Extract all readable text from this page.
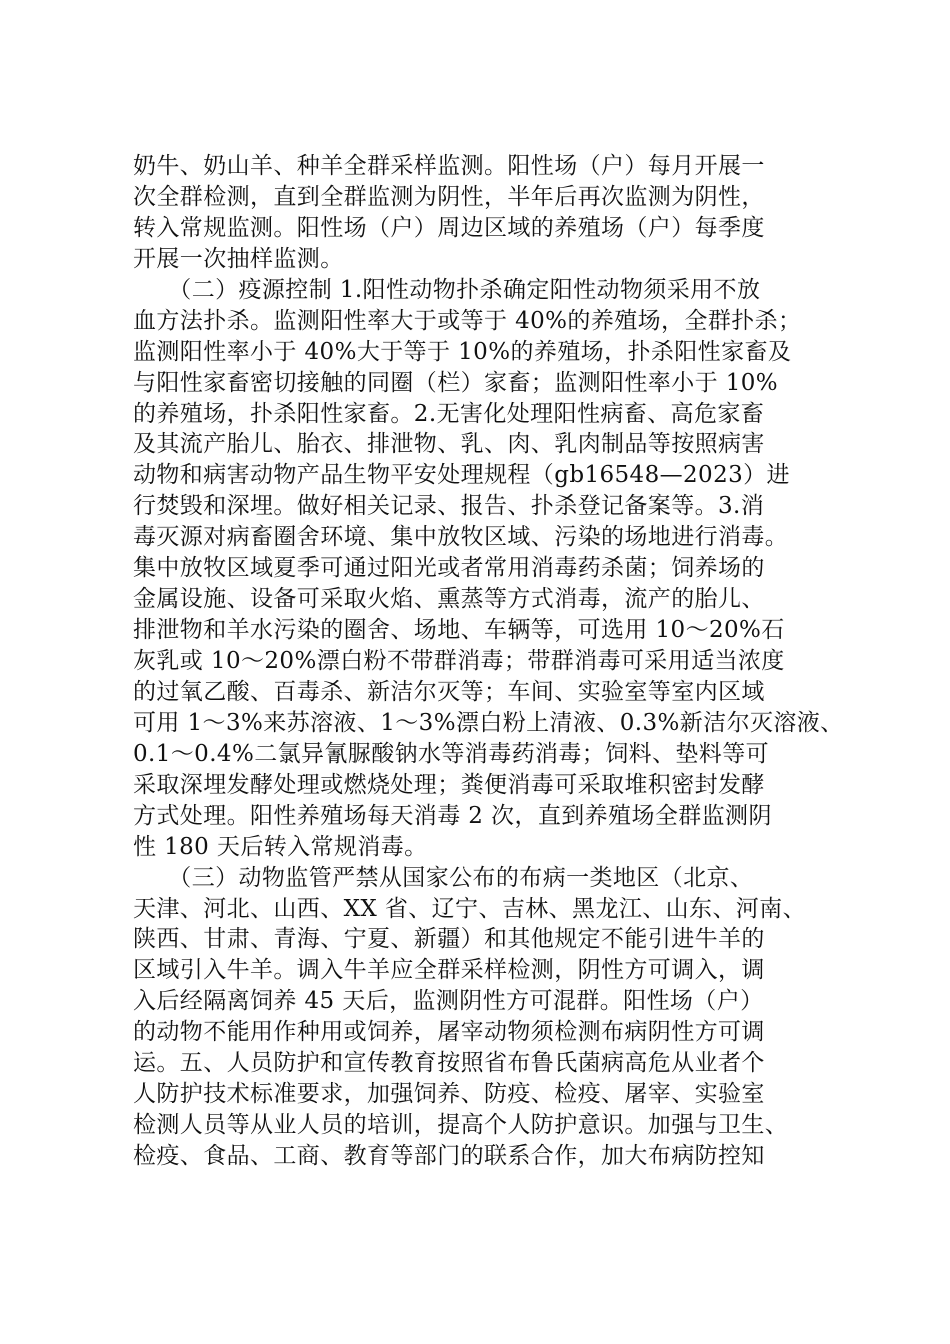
奶牛、奶山羊、种羊全群采样监测。阳性场（户）每月开展一
次全群检测，直到全群监测为阴性，半年后再次监测为阴性，
转入常规监测。阳性场（户）周边区域的养殖场（户）每季度
开展一次抽样监测。
　　（二）疫源控制 1.阳性动物扑杀确定阳性动物须采用不放
血方法扑杀。监测阳性率大于或等于 40%的养殖场，全群扑杀；
监测阳性率小于 40%大于等于 10%的养殖场，扑杀阳性家畜及
与阳性家畜密切接触的同圈（栏）家畜；监测阳性率小于 10%
的养殖场，扑杀阳性家畜。2.无害化处理阳性病畜、高危家畜
及其流产胎儿、胎衣、排泄物、乳、肉、乳肉制品等按照病害
动物和病害动物产品生物平安处理规程（gb16548—2023）进
行焚毁和深埋。做好相关记录、报告、扑杀登记备案等。3.消
毒灭源对病畜圈舍环境、集中放牧区域、污染的场地进行消毒。
集中放牧区域夏季可通过阳光或者常用消毒药杀菌；饲养场的
金属设施、设备可采取火焰、熏蒸等方式消毒，流产的胎儿、
排泄物和羊水污染的圈舍、场地、车辆等，可选用 10～20%石
灰乳或 10～20%漂白粉不带群消毒；带群消毒可采用适当浓度
的过氧乙酸、百毒杀、新洁尔灭等；车间、实验室等室内区域
可用 1～3%来苏溶液、1～3%漂白粉上清液、0.3%新洁尔灭溶液、
0.1～0.4%二氯异氰脲酸钠水等消毒药消毒；饲料、垫料等可
采取深埋发酵处理或燃烧处理；粪便消毒可采取堆积密封发酵
方式处理。阳性养殖场每天消毒 2 次，直到养殖场全群监测阴
性 180 天后转入常规消毒。
　　（三）动物监管严禁从国家公布的布病一类地区（北京、
天津、河北、山西、XX 省、辽宁、吉林、黑龙江、山东、河南、
陕西、甘肃、青海、宁夏、新疆）和其他规定不能引进牛羊的
区域引入牛羊。调入牛羊应全群采样检测，阴性方可调入，调
入后经隔离饲养 45 天后，监测阴性方可混群。阳性场（户）
的动物不能用作种用或饲养，屠宰动物须检测布病阴性方可调
运。五、人员防护和宣传教育按照省布鲁氏菌病高危从业者个
人防护技术标准要求，加强饲养、防疫、检疫、屠宰、实验室
检测人员等从业人员的培训，提高个人防护意识。加强与卫生、
检疫、食品、工商、教育等部门的联系合作，加大布病防控知
